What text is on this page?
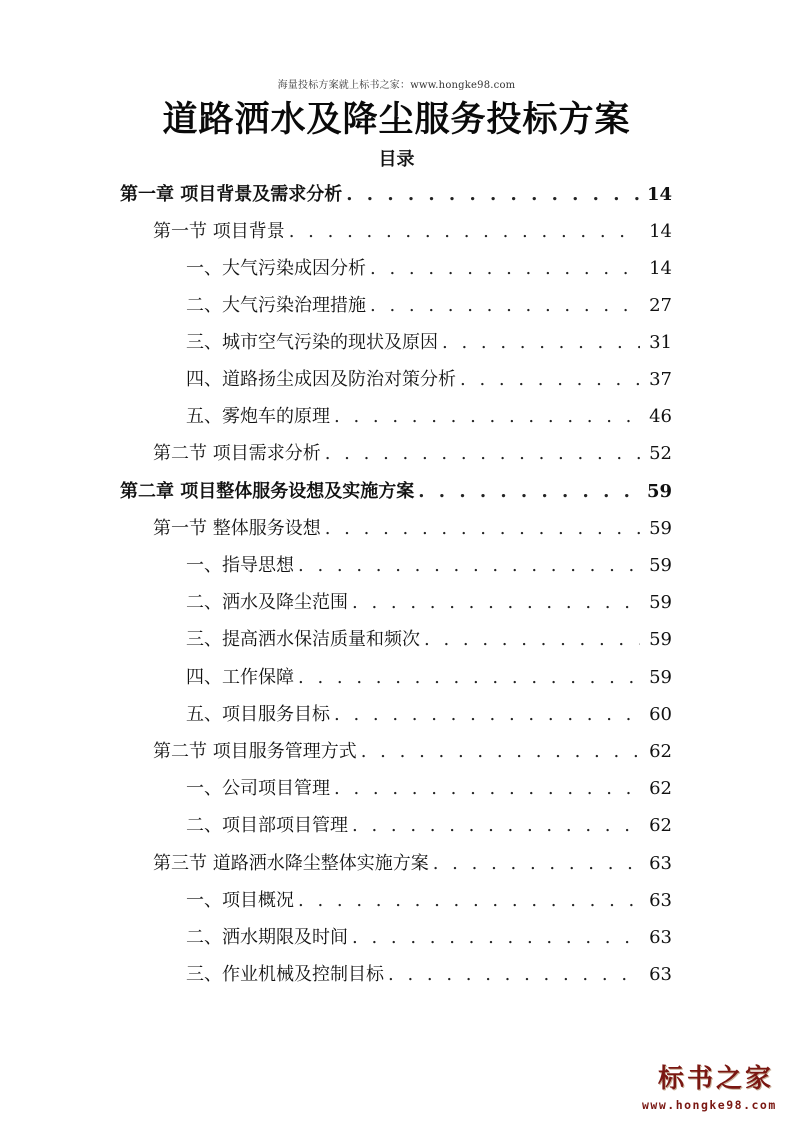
海量投标方案就上标书之家：www.hongke98.com
道路洒水及降尘服务投标方案
目录
第一章 项目背景及需求分析 . . .	14
第一节 项目背景 . . .	14
一、大气污染成因分析 . . .	14
二、大气污染治理措施 . . .	27
三、城市空气污染的现状及原因 . . .	31
四、道路扬尘成因及防治对策分析 . . .	37
五、雾炮车的原理 . . .	46
第二节 项目需求分析 . . .	52
第二章 项目整体服务设想及实施方案 . . .	59
第一节 整体服务设想 . . .	59
一、指导思想 . . .	59
二、洒水及降尘范围 . . .	59
三、提高洒水保洁质量和频次 . . .	59
四、工作保障 . . .	59
五、项目服务目标 . . .	60
第二节 项目服务管理方式 . . .	62
一、公司项目管理 . . .	62
二、项目部项目管理 . . .	62
第三节 道路洒水降尘整体实施方案 . . .	63
一、项目概况 . . .	63
二、洒水期限及时间 . . .	63
三、作业机械及控制目标 . . .	63
标书之家
www.hongke98.com
